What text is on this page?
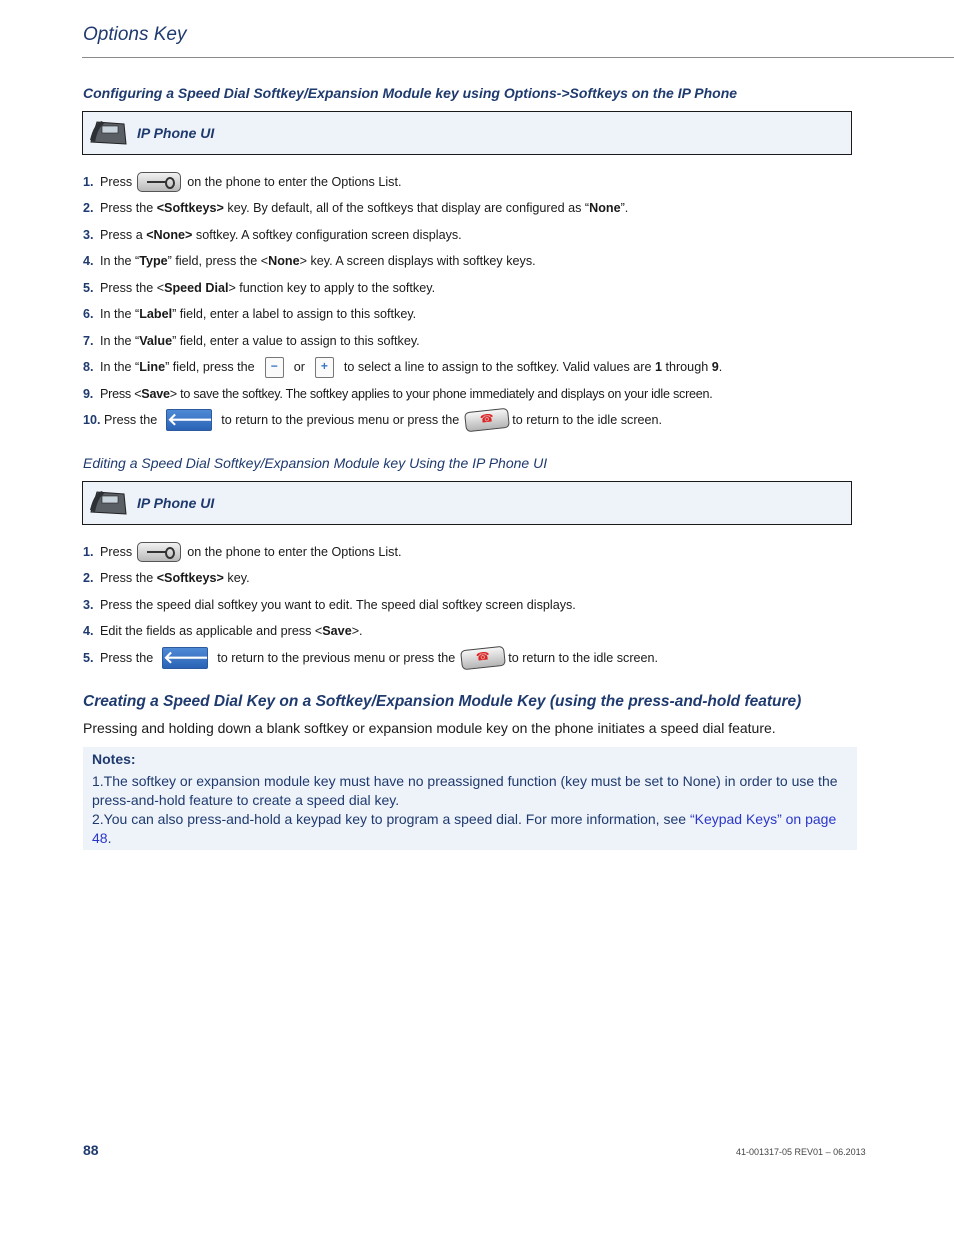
Options Key
Configuring a Speed Dial Softkey/Expansion Module key using Options->Softkeys on the IP Phone
IP Phone UI
1. Press	on the phone to enter the Options List.
2. Press the <Softkeys> key. By default, all of the softkeys that display are configured as “ None ”.
3. Press a <None> softkey. A softkey configuration screen displays.
4. In the “ Type ” field, press the < None > key. A screen displays with softkey keys.
5. Press the < Speed Dial > function key to apply to the softkey.
6. In the “ Label ” field, enter a label to assign to this softkey.
7. In the “ Value ” field, enter a value to assign to this softkey.
8. In the “ Line ” field, press the	−	or	+	to select a line to assign to the softkey. Valid values are 1 through 9 .
9. Press < Save > to save the softkey. The softkey applies to your phone immediately and displays on your idle screen.
10. Press the 🡐 to return to the previous menu or press the	☎	to return to the idle screen.
Editing a Speed Dial Softkey/Expansion Module key Using the IP Phone UI
IP Phone UI
1. Press	on the phone to enter the Options List.
2. Press the <Softkeys> key.
3. Press the speed dial softkey you want to edit. The speed dial softkey screen displays.
4. Edit the fields as applicable and press < Save >.
5. Press the 🡐 to return to the previous menu or press the	☎	to return to the idle screen.
Creating a Speed Dial Key on a Softkey/Expansion Module Key (using the press-and-hold feature)
Pressing and holding down a blank softkey or expansion module key on the phone initiates a speed dial feature.
Notes:
1.The softkey or expansion module key must have no preassigned function (key must be set to None) in order to use the press-and-hold feature to create a speed dial key.
2.You can also press-and-hold a keypad key to program a speed dial. For more information, see “Keypad Keys” on page 48.
88	41-001317-05 REV01 – 06.2013
